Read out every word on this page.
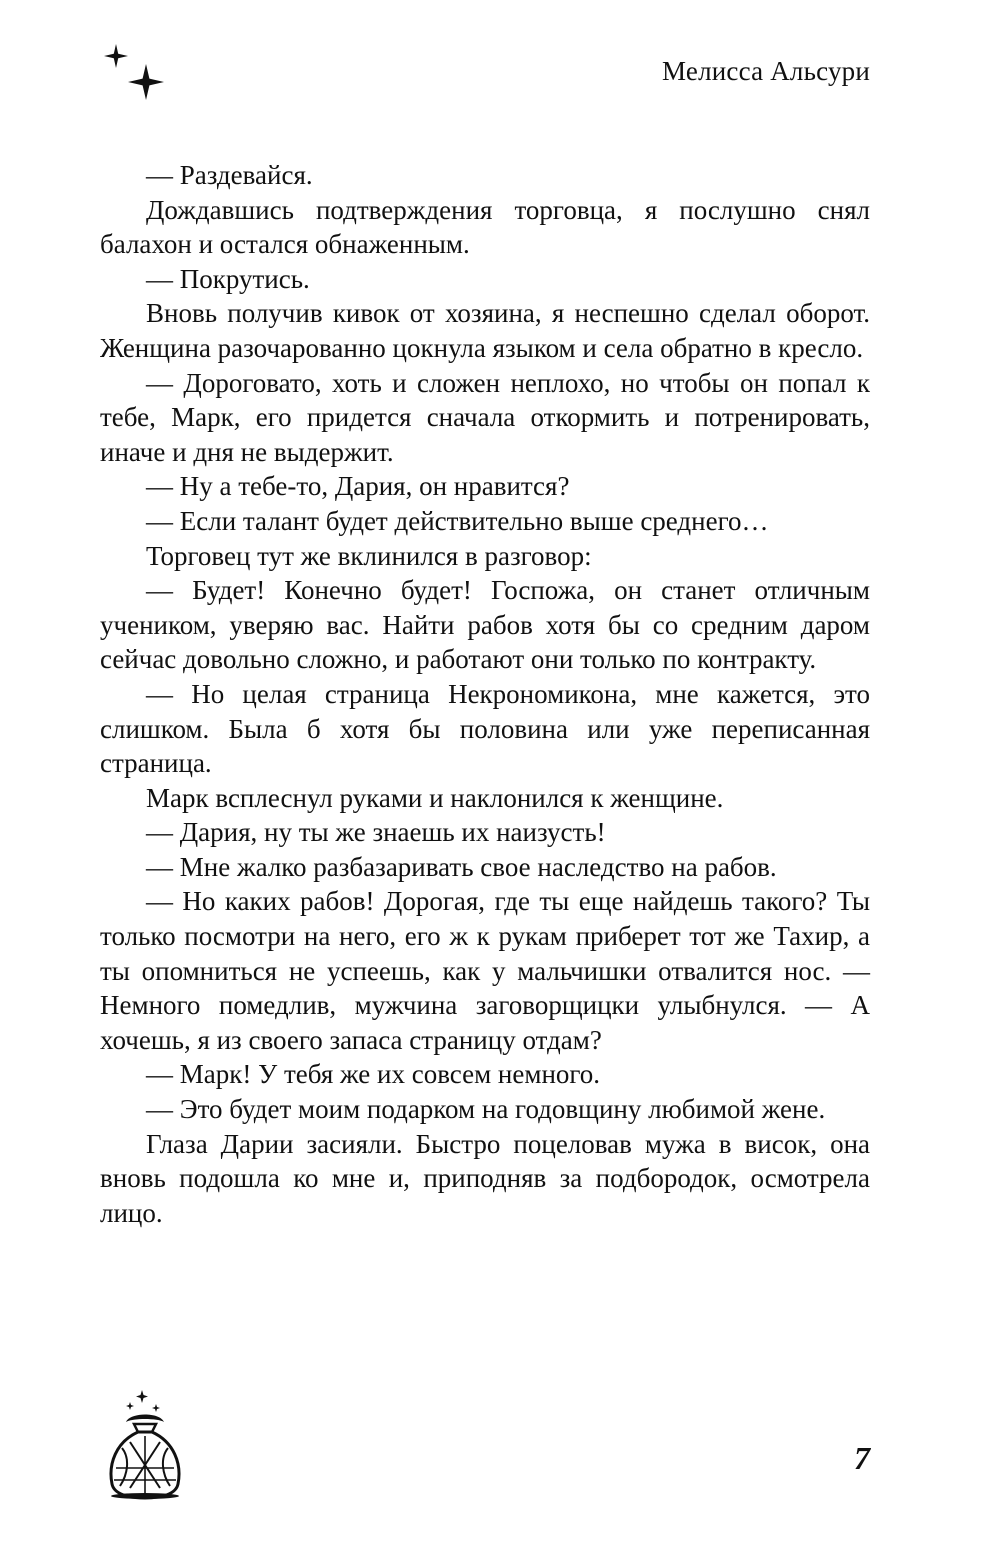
Мелисса Альсури

— Раздевайся.

Дождавшись подтверждения торговца, я послушно снял балахон и остался обнаженным.

— Покрутись.

Вновь получив кивок от хозяина, я неспешно сделал оборот. Женщина разочарованно цокнула языком и села обратно в кресло.

— Дороговато, хоть и сложен неплохо, но чтобы он попал к тебе, Марк, его придется сначала откормить и потренировать, иначе и дня не выдержит.

— Ну а тебе-то, Дария, он нравится?

— Если талант будет действительно выше среднего…

Торговец тут же вклинился в разговор:

— Будет! Конечно будет! Госпожа, он станет отличным учеником, уверяю вас. Найти рабов хотя бы со средним даром сейчас довольно сложно, и работают они только по контракту.

— Но целая страница Некрономикона, мне кажется, это слишком. Была б хотя бы половина или уже переписанная страница.

Марк всплеснул руками и наклонился к женщине.

— Дария, ну ты же знаешь их наизусть!

— Мне жалко разбазаривать свое наследство на рабов.

— Но каких рабов! Дорогая, где ты еще найдешь такого? Ты только посмотри на него, его ж к рукам приберет тот же Тахир, а ты опомниться не успеешь, как у мальчишки отвалится нос. — Немного помедлив, мужчина заговорщицки улыбнулся. — А хочешь, я из своего запаса страницу отдам?

— Марк! У тебя же их совсем немного.

— Это будет моим подарком на годовщину любимой жене.

Глаза Дарии засияли. Быстро поцеловав мужа в висок, она вновь подошла ко мне и, приподняв за подбородок, осмотрела лицо.

7
